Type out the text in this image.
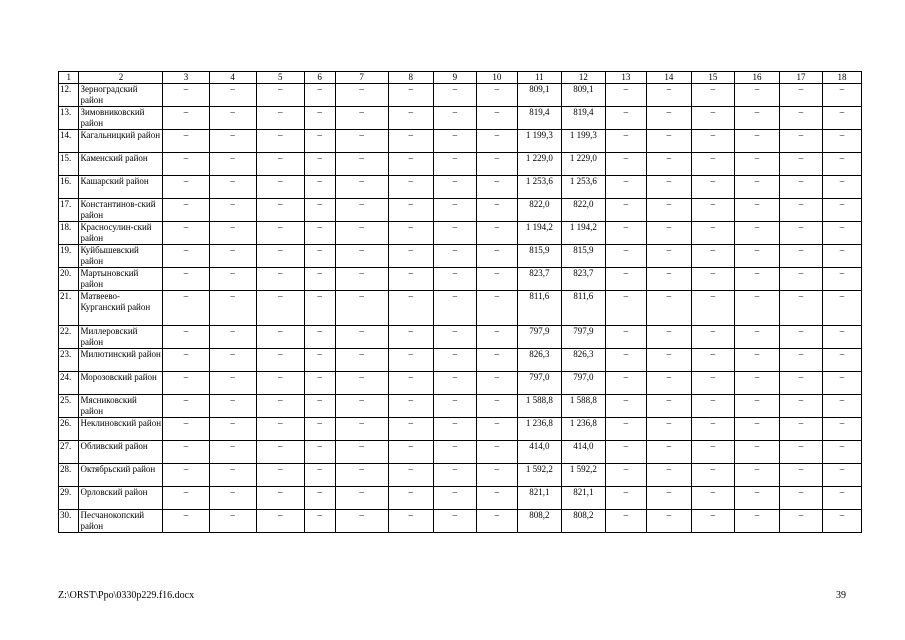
1	2	3	4	5	6	7	8	9	10	11	12	13	14	15	16	17	18
12.	Зерноградский район	–	–	–	–	–	–	–	–	809,1	809,1	–	–	–	–	–	–
13.	Зимовниковский район	–	–	–	–	–	–	–	–	819,4	819,4	–	–	–	–	–	–
14.	Кагальницкий район	–	–	–	–	–	–	–	–	1 199,3	1 199,3	–	–	–	–	–	–
15.	Каменский район	–	–	–	–	–	–	–	–	1 229,0	1 229,0	–	–	–	–	–	–
16.	Кашарский район	–	–	–	–	–	–	–	–	1 253,6	1 253,6	–	–	–	–	–	–
17.	Константинов-ский район	–	–	–	–	–	–	–	–	822,0	822,0	–	–	–	–	–	–
18.	Красносулин-ский район	–	–	–	–	–	–	–	–	1 194,2	1 194,2	–	–	–	–	–	–
19.	Куйбышевский район	–	–	–	–	–	–	–	–	815,9	815,9	–	–	–	–	–	–
20.	Мартыновский район	–	–	–	–	–	–	–	–	823,7	823,7	–	–	–	–	–	–
21.	Матвеево-Курганский район	–	–	–	–	–	–	–	–	811,6	811,6	–	–	–	–	–	–
22.	Миллеровский район	–	–	–	–	–	–	–	–	797,9	797,9	–	–	–	–	–	–
23.	Милютинский район	–	–	–	–	–	–	–	–	826,3	826,3	–	–	–	–	–	–
24.	Морозовский район	–	–	–	–	–	–	–	–	797,0	797,0	–	–	–	–	–	–
25.	Мясниковский район	–	–	–	–	–	–	–	–	1 588,8	1 588,8	–	–	–	–	–	–
26.	Неклиновский район	–	–	–	–	–	–	–	–	1 236,8	1 236,8	–	–	–	–	–	–
27.	Обливский район	–	–	–	–	–	–	–	–	414,0	414,0	–	–	–	–	–	–
28.	Октябрьский район	–	–	–	–	–	–	–	–	1 592,2	1 592,2	–	–	–	–	–	–
29.	Орловский район	–	–	–	–	–	–	–	–	821,1	821,1	–	–	–	–	–	–
30.	Песчанокопский район	–	–	–	–	–	–	–	–	808,2	808,2	–	–	–	–	–	–
Z:\ORST\Ppo\0330p229.f16.docx	39
